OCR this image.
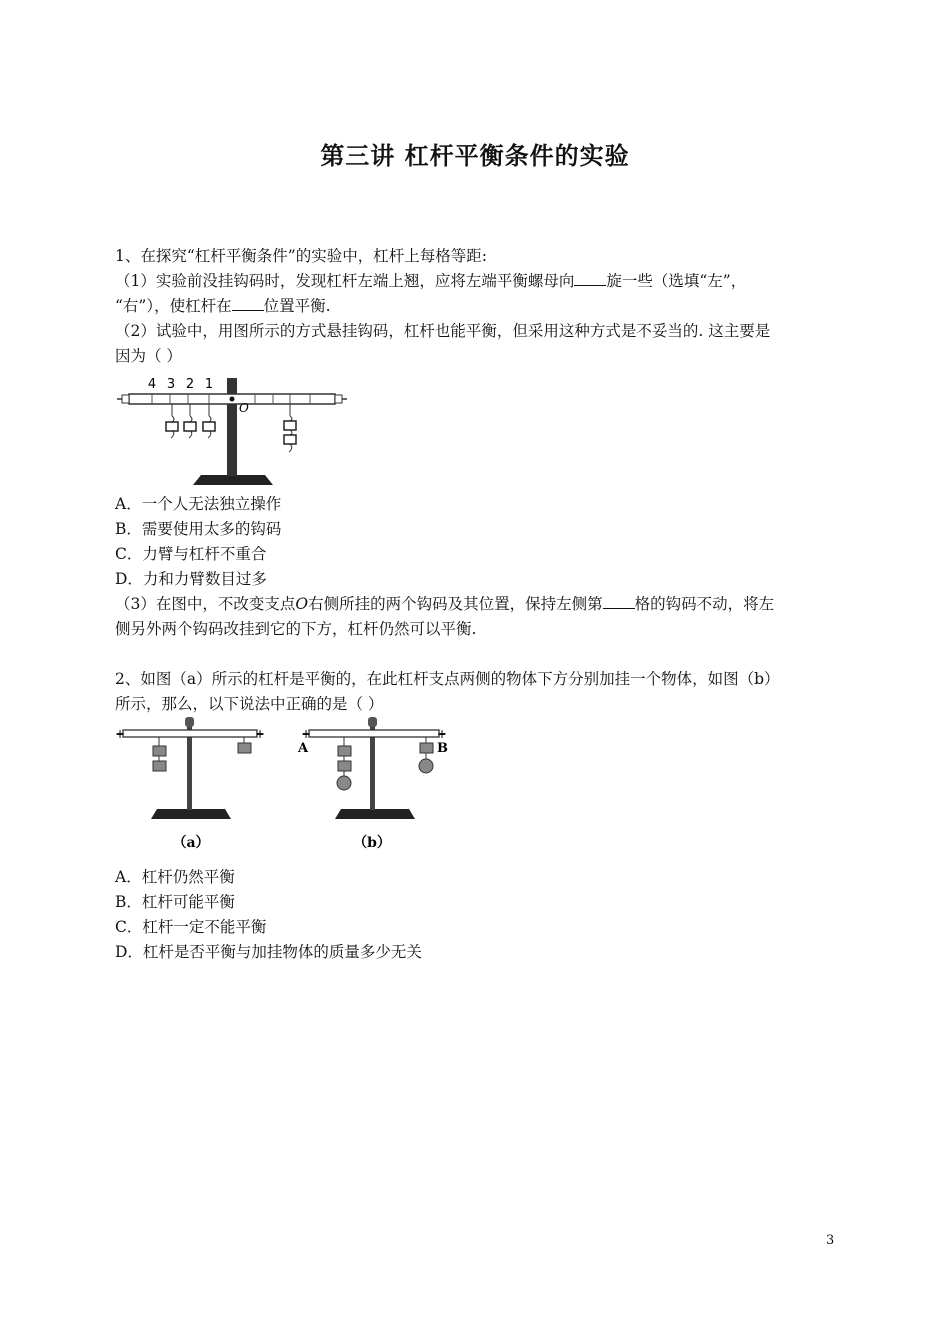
第三讲 杠杆平衡条件的实验
1、在探究“杠杆平衡条件”的实验中，杠杆上每格等距:
（1）实验前没挂钩码时，发现杠杆左端上翘，应将左端平衡螺母向 旋一些（选填“左”，
“右”），使杠杆在 位置平衡.
（2）试验中，用图所示的方式悬挂钩码，杠杆也能平衡，但采用这种方式是不妥当的. 这主要是
因为（ ）
O
4 3 2 1
A．一个人无法独立操作
B．需要使用太多的钩码
C．力臂与杠杆不重合
D．力和力臂数目过多
（3）在图中，不改变支点O右侧所挂的两个钩码及其位置，保持左侧第 格的钩码不动，将左
侧另外两个钩码改挂到它的下方，杠杆仍然可以平衡.
2、如图（a）所示的杠杆是平衡的，在此杠杆支点两侧的物体下方分别加挂一个物体，如图（b）
所示，那么，以下说法中正确的是（ ）
+	+
（a）
+	+
A	B
（b）
A．杠杆仍然平衡
B．杠杆可能平衡
C．杠杆一定不能平衡
D．杠杆是否平衡与加挂物体的质量多少无关
3
